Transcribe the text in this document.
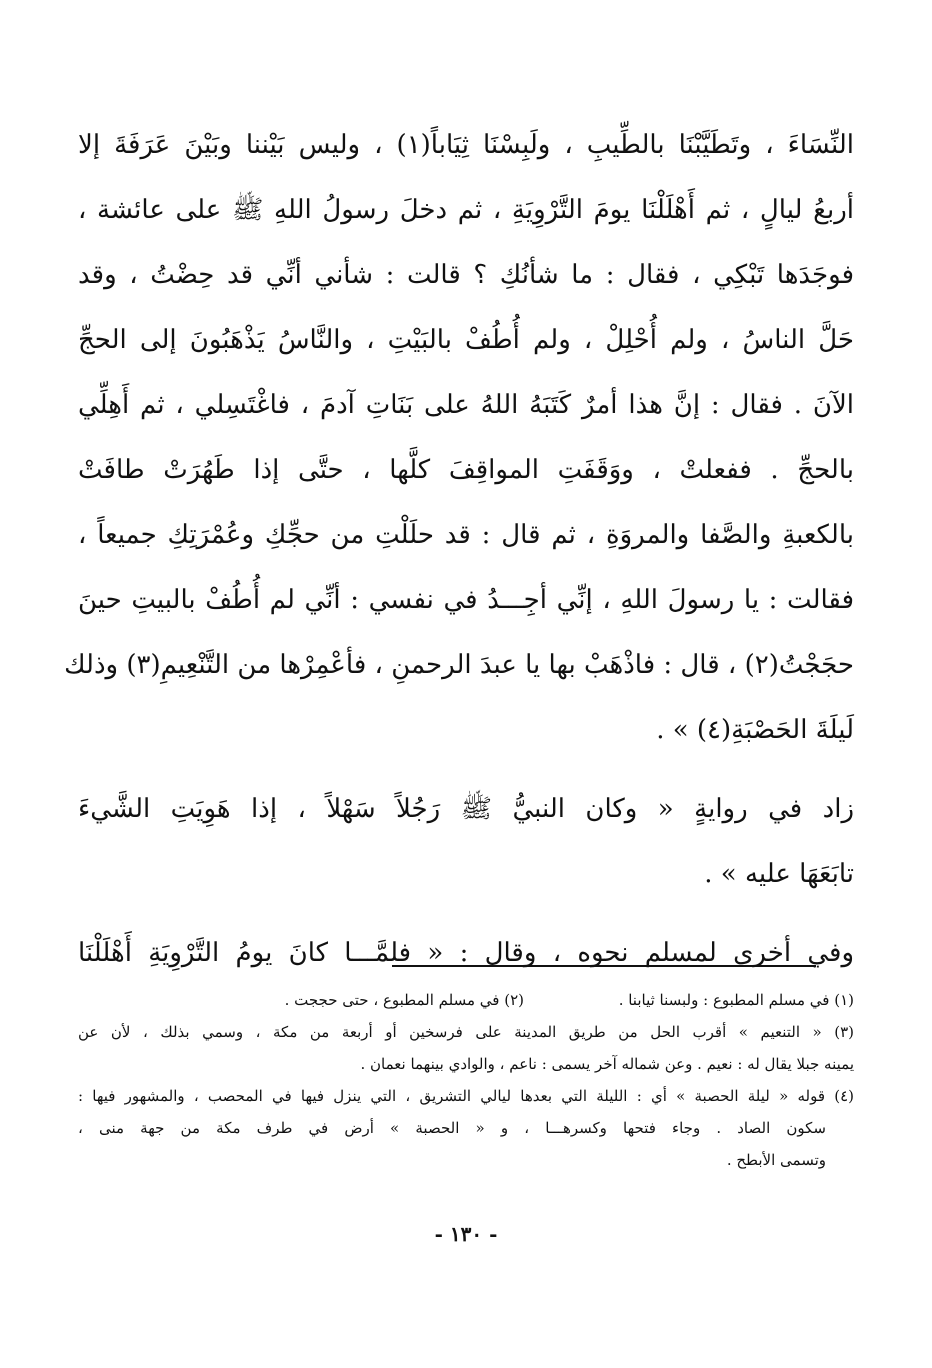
النِّسَاءَ ، وتَطَيَّبْنَا بالطِّيبِ ، ولَبِسْنَا ثِيَاباً(١) ، وليس بَيْننا وبَيْنَ عَرَفَةَ إلا
أربعُ ليالٍ ، ثم أَهْلَلْنَا يومَ التَّرْوِيَةِ ، ثم دخلَ رسولُ اللهِ ﷺ على عائشة ،
فوجَدَها تَبْكِي ، فقال : ما شأنُكِ ؟ قالت : شأني أنِّي قد حِضْتُ ، وقد
حَلَّ الناسُ ، ولم أُحْلِلْ ، ولم أُطُفْ بالبَيْتِ ، والنَّاسُ يَذْهَبُونَ إلى الحجِّ
الآنَ . فقال : إنَّ هذا أمرٌ كَتَبَهُ اللهُ على بَنَاتِ آدمَ ، فاغْتَسِلي ، ثم أَهِلِّي
بالحجِّ . ففعلتْ ، ووَقَفَتِ المواقِفَ كلَّها ، حتَّى إذا طَهُرَتْ طافَتْ
بالكعبةِ والصَّفا والمروَةِ ، ثم قال : قد حلَلْتِ من حجِّكِ وعُمْرَتِكِ جميعاً ،
فقالت : يا رسولَ اللهِ ، إنِّي أجِـــدُ في نفسي : أنِّي لم أُطُفْ بالبيتِ حينَ
حجَجْتُ(٢) ، قال : فاذْهَبْ بها يا عبدَ الرحمنِ ، فأعْمِرْها من التَّنْعِيمِ(٣) وذلك
لَيلَةَ الحَصْبَةِ(٤) » .
زاد في روايةٍ « وكان النبيُّ ﷺ رَجُلاً سَهْلاً ، إذا هَوِيَتِ الشَّيءَ
تابَعَهَا عليه » .
وفي أخرى لمسلم نحوه ، وقال : « فلمَّـــا كانَ يومُ التَّرْوِيَةِ أَهْلَلْنَا
(١) في مسلم المطبوع : ولبسنا ثيابنا .
(٢) في مسلم المطبوع ، حتى حججت .
(٣) « التنعيم » أقرب الحل من طريق المدينة على فرسخين أو أربعة من مكة ، وسمي بذلك ، لأن عن
يمينه جبلا يقال له : نعيم . وعن شماله آخر يسمى : ناعم ، والوادي بينهما نعمان .
(٤) قوله « ليلة الحصبة » أي : الليلة التي بعدها ليالي التشريق ، التي ينزل فيها في المحصب ، والمشهور فيها :
سكون الصاد . وجاء فتحها وكسرهـــا ، و « الحصبة » أرض في طرف مكة من جهة منى ،
وتسمى الأبطح .
- ١٣٠ -
